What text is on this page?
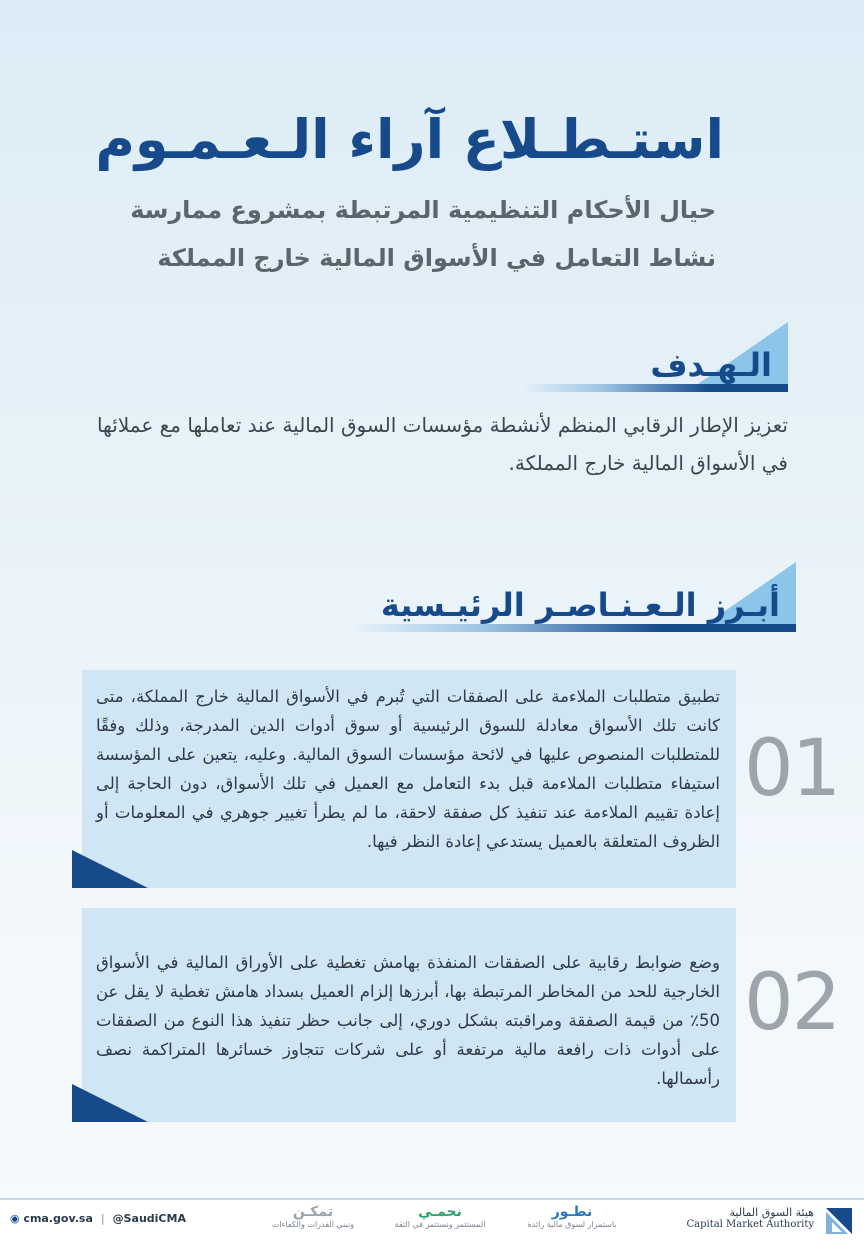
استـطـلاع آراء الـعـمـوم
حيال الأحكام التنظيمية المرتبطة بمشروع ممارسة
نشاط التعامل في الأسواق المالية خارج المملكة
الـهـدف
تعزيز الإطار الرقابي المنظم لأنشطة مؤسسات السوق المالية عند تعاملها مع عملائها في الأسواق المالية خارج المملكة.
أبـرز الـعـنـاصـر الرئيـسية
تطبيق متطلبات الملاءمة على الصفقات التي تُبرم في الأسواق المالية خارج المملكة، متى كانت تلك الأسواق معادلة للسوق الرئيسية أو سوق أدوات الدين المدرجة، وذلك وفقًا للمتطلبات المنصوص عليها في لائحة مؤسسات السوق المالية. وعليه، يتعين على المؤسسة استيفاء متطلبات الملاءمة قبل بدء التعامل مع العميل في تلك الأسواق، دون الحاجة إلى إعادة تقييم الملاءمة عند تنفيذ كل صفقة لاحقة، ما لم يطرأ تغيير جوهري في المعلومات أو الظروف المتعلقة بالعميل يستدعي إعادة النظر فيها.
01
وضع ضوابط رقابية على الصفقات المنفذة بهامش تغطية على الأوراق المالية في الأسواق الخارجية للحد من المخاطر المرتبطة بها، أبرزها إلزام العميل بسداد هامش تغطية لا يقل عن 50٪ من قيمة الصفقة ومراقبته بشكل دوري، إلى جانب حظر تنفيذ هذا النوع من الصفقات على أدوات ذات رافعة مالية مرتفعة أو على شركات تتجاوز خسائرها المتراكمة نصف رأسمالها.
02
◉ cma.gov.sa | @SaudiCMA	تمكـن
ونبني القدرات والكفاءات
نحمـي
المستثمر ونستثمر في الثقة
نطـور
باستمرار لسوق مالية رائدة
هيئة السوق المالية
Capital Market Authority
